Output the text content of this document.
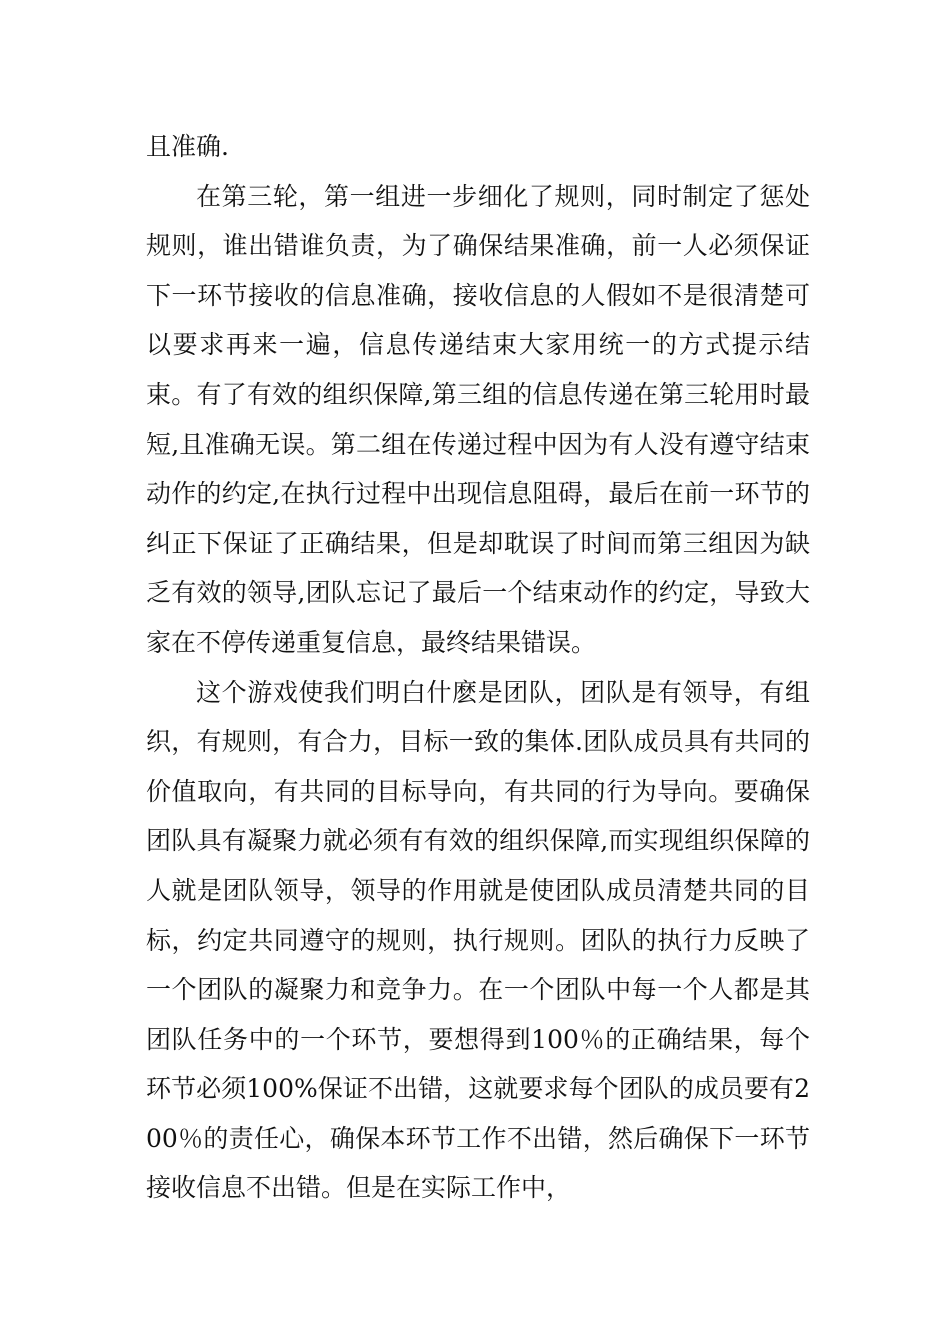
且准确.

在第三轮，第一组进一步细化了规则，同时制定了惩处规则，谁出错谁负责，为了确保结果准确，前一人必须保证下一环节接收的信息准确，接收信息的人假如不是很清楚可以要求再来一遍，信息传递结束大家用统一的方式提示结束。有了有效的组织保障,第三组的信息传递在第三轮用时最短,且准确无误。第二组在传递过程中因为有人没有遵守结束动作的约定,在执行过程中出现信息阻碍，最后在前一环节的纠正下保证了正确结果，但是却耽误了时间而第三组因为缺乏有效的领导,团队忘记了最后一个结束动作的约定，导致大家在不停传递重复信息，最终结果错误。

这个游戏使我们明白什麽是团队，团队是有领导，有组织，有规则，有合力，目标一致的集体.团队成员具有共同的价值取向，有共同的目标导向，有共同的行为导向。要确保团队具有凝聚力就必须有有效的组织保障,而实现组织保障的人就是团队领导，领导的作用就是使团队成员清楚共同的目标，约定共同遵守的规则，执行规则。团队的执行力反映了一个团队的凝聚力和竞争力。在一个团队中每一个人都是其团队任务中的一个环节，要想得到100％的正确结果，每个环节必须100%保证不出错，这就要求每个团队的成员要有200％的责任心，确保本环节工作不出错，然后确保下一环节接收信息不出错。但是在实际工作中，
